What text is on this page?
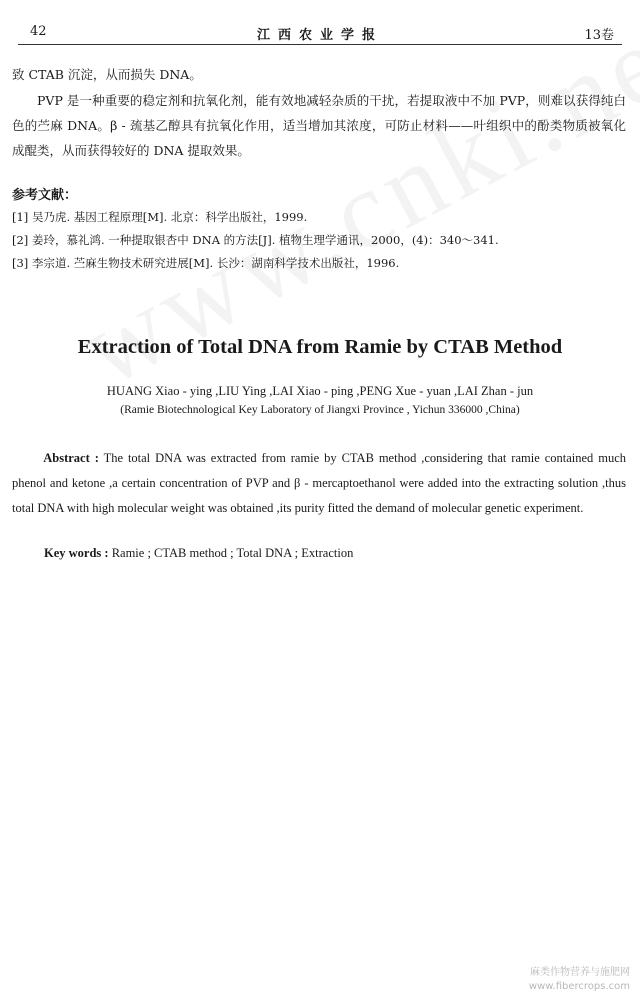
42	江西农业学报	13卷
致 CTAB 沉淀，从而损失 DNA。
PVP 是一种重要的稳定剂和抗氧化剂，能有效地减轻杂质的干扰，若提取液中不加 PVP，则难以获得纯白色的苎麻 DNA。β - 巯基乙醇具有抗氧化作用，适当增加其浓度，可防止材料——叶组织中的酚类物质被氧化成醌类，从而获得较好的 DNA 提取效果。
参考文献：
[1] 吴乃虎. 基因工程原理[M]. 北京：科学出版社，1999.
[2] 姜玲，慕礼鸿. 一种提取银杏中 DNA 的方法[J]. 植物生理学通讯，2000，(4)：340～341.
[3] 李宗道. 苎麻生物技术研究进展[M]. 长沙：湖南科学技术出版社，1996.
Extraction of Total DNA from Ramie by CTAB Method
HUANG Xiao - ying ,LIU Ying ,LAI Xiao - ping ,PENG Xue - yuan ,LAI Zhan - jun
(Ramie Biotechnological Key Laboratory of Jiangxi Province , Yichun 336000 ,China)
Abstract : The total DNA was extracted from ramie by CTAB method ,considering that ramie contained much phenol and ketone ,a certain concentration of PVP and β - mercaptoethanol were added into the extracting solution ,thus total DNA with high molecular weight was obtained ,its purity fitted the demand of molecular genetic experiment.
Key words : Ramie ; CTAB method ; Total DNA ; Extraction
麻类作物营养与施肥网
www.fibercrops.com
